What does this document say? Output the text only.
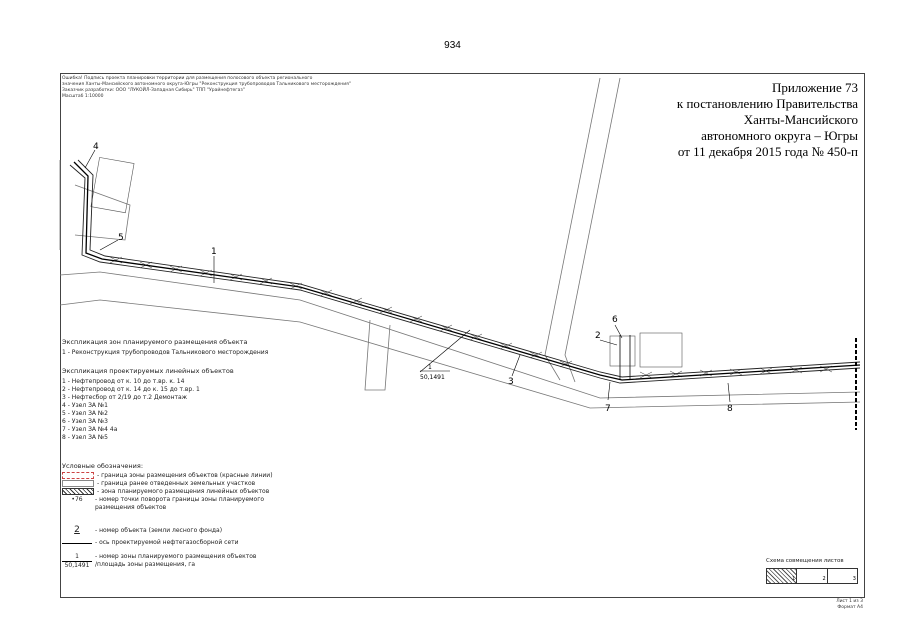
934
Ошибка! Подпись проекта планировки территории для размещения полосового объекта регионального
значения Ханты-Мансийского автономного округа-Югры "Реконструкция трубопроводов Тальникового месторождения"
Заказчик разработки: ООО "ЛУКОЙЛ-Западная Сибирь" ТПП "Урайнефтегаз"
Масштаб 1:10000
Приложение 73
к постановлению Правительства
Ханты-Мансийского
автономного округа – Югры
от 11 декабря 2015 года № 450-п
1
2
3
4
5
6
7	8
1
50,1491
Экспликация зон планируемого размещения объекта
1 - Реконструкция трубопроводов Тальникового месторождения
Экспликация проектируемых линейных объектов
1 - Нефтепровод от к. 10 до т.вр. к. 14
2 - Нефтепровод от к. 14 до к. 15 до т.вр. 1
3 - Нефтесбор от 2/19 до т.2 Демонтаж
4 - Узел ЗА №1
5 - Узел ЗА №2
6 - Узел ЗА №3
7 - Узел ЗА №4 4а
8 - Узел ЗА №5
Условные обозначения:
- граница зоны размещения объектов (красные линии)
- граница ранее отведенных земельных участков
- зона планируемого размещения линейных объектов
•76 - номер точки поворота границы зоны планируемого
размещения объектов
2	- номер объекта (земли лесного фонда)
- ось проектируемой нефтегазосборной сети
$\frac{1}{50,1491}$ - номер зоны планируемого размещения объектов
/площадь зоны размещения, га	Схема совмещения листов
1	2	3
Лист 1 из 3
Формат А4
